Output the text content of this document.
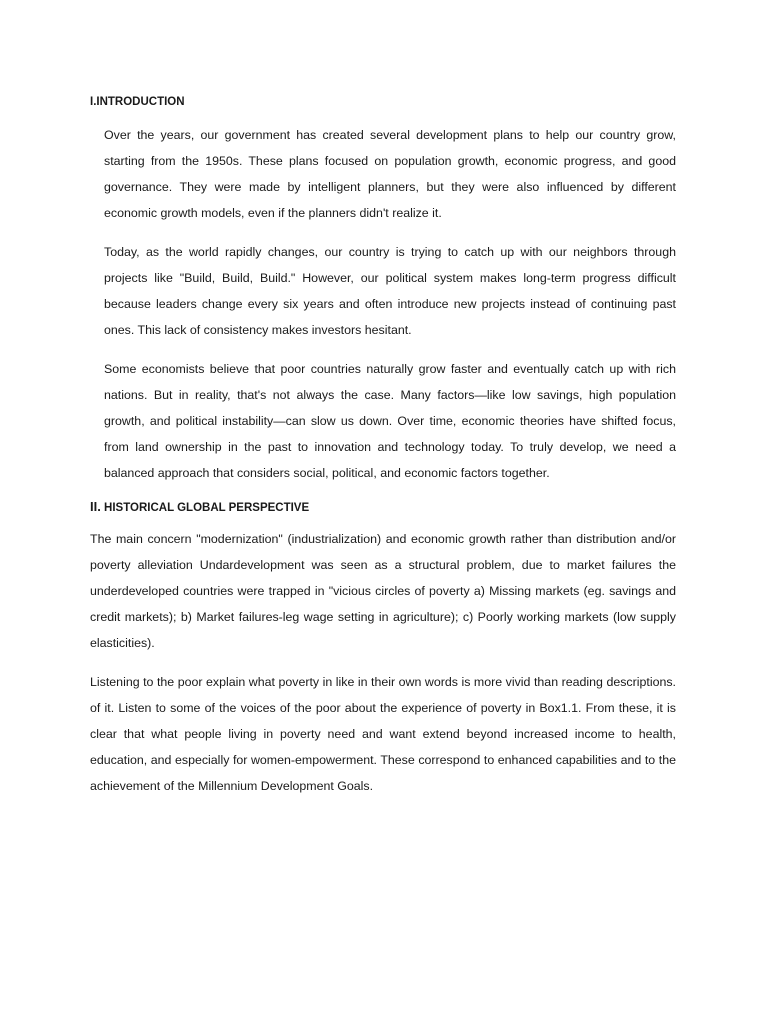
I.INTRODUCTION

Over the years, our government has created several development plans to help our country grow, starting from the 1950s. These plans focused on population growth, economic progress, and good governance. They were made by intelligent planners, but they were also influenced by different economic growth models, even if the planners didn't realize it.

Today, as the world rapidly changes, our country is trying to catch up with our neighbors through projects like "Build, Build, Build." However, our political system makes long-term progress difficult because leaders change every six years and often introduce new projects instead of continuing past ones. This lack of consistency makes investors hesitant.

Some economists believe that poor countries naturally grow faster and eventually catch up with rich nations. But in reality, that's not always the case. Many factors—like low savings, high population growth, and political instability—can slow us down. Over time, economic theories have shifted focus, from land ownership in the past to innovation and technology today. To truly develop, we need a balanced approach that considers social, political, and economic factors together.

II. HISTORICAL GLOBAL PERSPECTIVE

The main concern "modernization" (industrialization) and economic growth rather than distribution and/or poverty alleviation Undardevelopment was seen as a structural problem, due to market failures the underdeveloped countries were trapped in "vicious circles of poverty a) Missing markets (eg. savings and credit markets); b) Market failures-leg wage setting in agriculture); c) Poorly working markets (low supply elasticities).

Listening to the poor explain what poverty in like in their own words is more vivid than reading descriptions. of it. Listen to some of the voices of the poor about the experience of poverty in Box1.1. From these, it is clear that what people living in poverty need and want extend beyond increased income to health, education, and especially for women-empowerment. These correspond to enhanced capabilities and to the achievement of the Millennium Development Goals.
